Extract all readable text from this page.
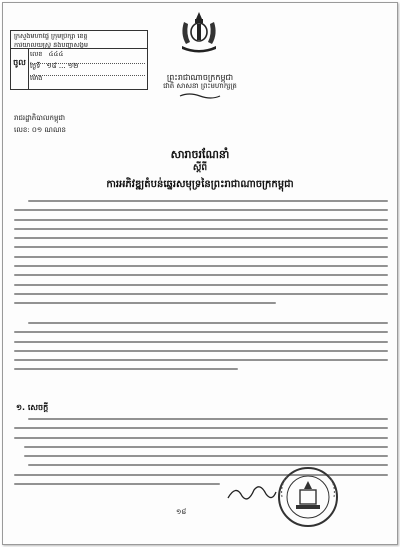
ក្រសួងមហាផ្ទៃ ក្រុមប្រឹក្សា ខេត្ត
ការិយាល័យស្រ្តី និងបញ្ហាសង្គម
ចូល
លេខ ៤៤៤
ថ្ងៃទី ១៨ ... ១២
ម៉ោង	ព្រះរាជាណាចក្រកម្ពុជា
ជាតិ សាសនា ព្រះមហាក្សត្រ
រាជរដ្ឋាភិបាលកម្ពុជា
លេខ: ០១ ណណន
សារាចរណែនាំ
ស្តីពី
ការអភិវឌ្ឍតំបន់ឆ្នេរសមុទ្រនៃព្រះរាជាណាចក្រកម្ពុជា
១. សេចក្តី
១៨
